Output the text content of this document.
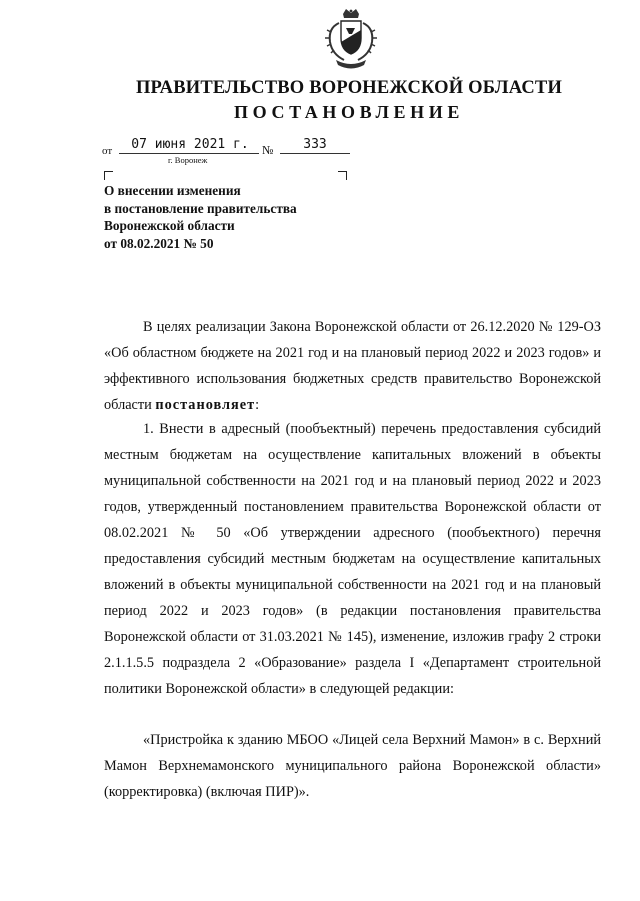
ПРАВИТЕЛЬСТВО ВОРОНЕЖСКОЙ ОБЛАСТИ
ПОСТАНОВЛЕНИЕ
от	07 июня 2021 г.	№	333
г. Воронеж
О внесении изменения
в постановление правительства
Воронежской области
от 08.02.2021 № 50

В целях реализации Закона Воронежской области от 26.12.2020 № 129-ОЗ «Об областном бюджете на 2021 год и на плановый период 2022 и 2023 годов» и эффективного использования бюджетных средств правительство Воронежской области постановляет:

1. Внести в адресный (пообъектный) перечень предоставления субсидий местным бюджетам на осуществление капитальных вложений в объекты муниципальной собственности на 2021 год и на плановый период 2022 и 2023 годов, утвержденный постановлением правительства Воронежской области от 08.02.2021 № 50 «Об утверждении адресного (пообъектного) перечня предоставления субсидий местным бюджетам на осуществление капитальных вложений в объекты муниципальной собственности на 2021 год и на плановый период 2022 и 2023 годов» (в редакции постановления правительства Воронежской области от 31.03.2021 № 145), изменение, изложив графу 2 строки 2.1.1.5.5 подраздела 2 «Образование» раздела I «Департамент строительной политики Воронежской области» в следующей редакции:

«Пристройка к зданию МБОО «Лицей села Верхний Мамон» в с. Верхний Мамон Верхнемамонского муниципального района Воронежской области» (корректировка) (включая ПИР)».
